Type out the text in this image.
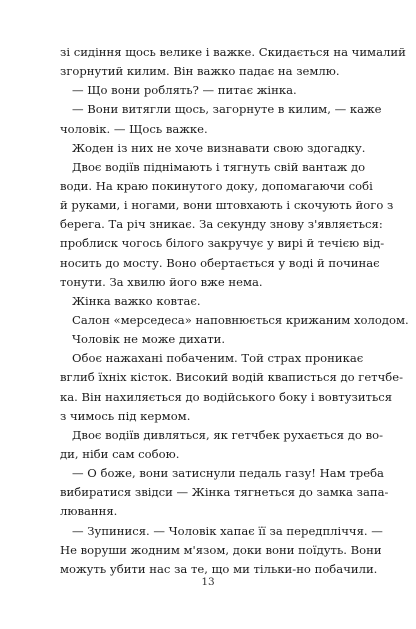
зі сидіння щось велике і важке. Скидається на чималий
згорнутий килим. Він важко падає на землю.
— Що вони роблять? — питає жінка.
— Вони витягли щось, загорнуте в килим, — каже
чоловік. — Щось важке.
Жоден із них не хоче визнавати свою здогадку.
Двоє водіїв піднімають і тягнуть свій вантаж до
води. На краю покинутого доку, допомагаючи собі
й руками, і ногами, вони штовхають і скочують його з
берега. Та річ зникає. За секунду знову з'являється:
проблиск чогось білого закручує у вирі й течією від-
носить до мосту. Воно обертається у воді й починає
тонути. За хвилю його вже нема.
Жінка важко ковтає.
Салон «мерседеса» наповнюється крижаним холодом.
Чоловік не може дихати.
Обоє нажахані побаченим. Той страх проникає
вглиб їхніх кісток. Високий водій кваписться до гетчбе-
ка. Він нахиляється до водійського боку і вовтузиться
з чимось під кермом.
Двоє водіїв дивляться, як гетчбек рухається до во-
ди, ніби сам собою.
— О боже, вони затиснули педаль газу! Нам треба
вибиратися звідси — Жінка тягнеться до замка запа-
лювання.
— Зупинися. — Чоловік хапає її за передпліччя. —
Не воруши жодним м'язом, доки вони поїдуть. Вони
можуть убити нас за те, що ми тільки-но побачили.
13
